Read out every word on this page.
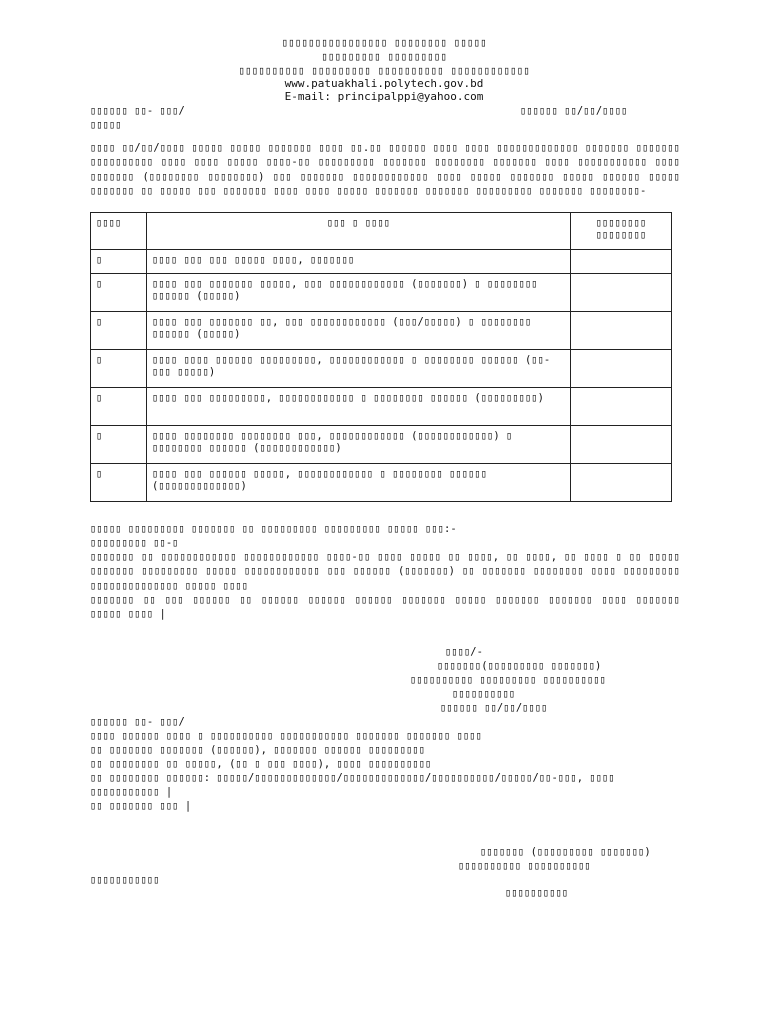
▯▯▯▯▯▯▯▯▯▯▯▯▯▯▯▯ ▯▯▯▯▯▯▯▯ ▯▯▯▯▯
▯▯▯▯▯▯▯▯▯ ▯▯▯▯▯▯▯▯▯
▯▯▯▯▯▯▯▯▯▯ ▯▯▯▯▯▯▯▯▯ ▯▯▯▯▯▯▯▯▯▯ ▯▯▯▯▯▯▯▯▯▯▯▯
www.patuakhali.polytech.gov.bd
E-mail: principalppi@yahoo.com
▯▯▯▯▯▯ ▯▯- ▯▯▯/	▯▯▯▯▯▯ ▯▯/▯▯/▯▯▯▯
▯▯▯▯▯
▯▯▯▯ ▯▯/▯▯/▯▯▯▯ ▯▯▯▯▯ ▯▯▯▯▯ ▯▯▯▯▯▯▯ ▯▯▯▯ ▯▯.▯▯ ▯▯▯▯▯▯ ▯▯▯▯ ▯▯▯▯ ▯▯▯▯▯▯▯▯▯▯▯▯▯ ▯▯▯▯▯▯▯ ▯▯▯▯▯▯▯ ▯▯▯▯▯▯▯▯▯▯ ▯▯▯▯ ▯▯▯▯ ▯▯▯▯▯ ▯▯▯▯-▯▯ ▯▯▯▯▯▯▯▯▯ ▯▯▯▯▯▯▯ ▯▯▯▯▯▯▯▯ ▯▯▯▯▯▯▯ ▯▯▯▯ ▯▯▯▯▯▯▯▯▯▯▯ ▯▯▯▯ ▯▯▯▯▯▯▯ (▯▯▯▯▯▯▯▯ ▯▯▯▯▯▯▯▯) ▯▯▯ ▯▯▯▯▯▯▯ ▯▯▯▯▯▯▯▯▯▯▯▯ ▯▯▯▯ ▯▯▯▯▯ ▯▯▯▯▯▯▯ ▯▯▯▯▯ ▯▯▯▯▯▯ ▯▯▯▯▯ ▯▯▯▯▯▯▯ ▯▯ ▯▯▯▯▯ ▯▯▯ ▯▯▯▯▯▯▯ ▯▯▯▯ ▯▯▯▯ ▯▯▯▯▯ ▯▯▯▯▯▯▯ ▯▯▯▯▯▯▯ ▯▯▯▯▯▯▯▯▯ ▯▯▯▯▯▯▯ ▯▯▯▯▯▯▯▯-
▯▯▯▯	▯▯▯ ▯ ▯▯▯▯	▯▯▯▯▯▯▯▯ ▯▯▯▯▯▯▯▯
▯	▯▯▯▯ ▯▯▯ ▯▯▯ ▯▯▯▯▯ ▯▯▯▯, ▯▯▯▯▯▯▯	
▯	▯▯▯▯ ▯▯▯ ▯▯▯▯▯▯▯ ▯▯▯▯▯, ▯▯▯ ▯▯▯▯▯▯▯▯▯▯▯▯ (▯▯▯▯▯▯▯) ▯ ▯▯▯▯▯▯▯▯ ▯▯▯▯▯▯ (▯▯▯▯▯)	
▯	▯▯▯▯ ▯▯▯ ▯▯▯▯▯▯▯ ▯▯, ▯▯▯ ▯▯▯▯▯▯▯▯▯▯▯▯ (▯▯▯/▯▯▯▯▯) ▯ ▯▯▯▯▯▯▯▯ ▯▯▯▯▯▯ (▯▯▯▯▯)	
▯	▯▯▯▯ ▯▯▯▯ ▯▯▯▯▯▯ ▯▯▯▯▯▯▯▯▯, ▯▯▯▯▯▯▯▯▯▯▯▯ ▯ ▯▯▯▯▯▯▯▯ ▯▯▯▯▯▯ (▯▯-▯▯▯ ▯▯▯▯▯)	
▯	▯▯▯▯ ▯▯▯ ▯▯▯▯▯▯▯▯▯, ▯▯▯▯▯▯▯▯▯▯▯▯ ▯ ▯▯▯▯▯▯▯▯ ▯▯▯▯▯▯ (▯▯▯▯▯▯▯▯▯)	
▯	▯▯▯▯ ▯▯▯▯▯▯▯▯ ▯▯▯▯▯▯▯▯ ▯▯▯, ▯▯▯▯▯▯▯▯▯▯▯▯ (▯▯▯▯▯▯▯▯▯▯▯▯) ▯ ▯▯▯▯▯▯▯▯ ▯▯▯▯▯▯ (▯▯▯▯▯▯▯▯▯▯▯▯)	
▯	▯▯▯▯ ▯▯▯ ▯▯▯▯▯▯ ▯▯▯▯▯, ▯▯▯▯▯▯▯▯▯▯▯▯ ▯ ▯▯▯▯▯▯▯▯ ▯▯▯▯▯▯ (▯▯▯▯▯▯▯▯▯▯▯▯▯)	
▯▯▯▯▯ ▯▯▯▯▯▯▯▯▯ ▯▯▯▯▯▯▯ ▯▯ ▯▯▯▯▯▯▯▯▯ ▯▯▯▯▯▯▯▯▯ ▯▯▯▯▯ ▯▯▯:-
▯▯▯▯▯▯▯▯▯ ▯▯-▯
▯▯▯▯▯▯▯ ▯▯ ▯▯▯▯▯▯▯▯▯▯▯▯ ▯▯▯▯▯▯▯▯▯▯▯▯ ▯▯▯▯-▯▯ ▯▯▯▯ ▯▯▯▯▯ ▯▯ ▯▯▯▯, ▯▯ ▯▯▯▯, ▯▯ ▯▯▯▯ ▯ ▯▯ ▯▯▯▯▯ ▯▯▯▯▯▯▯ ▯▯▯▯▯▯▯▯▯ ▯▯▯▯▯ ▯▯▯▯▯▯▯▯▯▯▯▯ ▯▯▯ ▯▯▯▯▯▯ (▯▯▯▯▯▯▯) ▯▯ ▯▯▯▯▯▯▯ ▯▯▯▯▯▯▯▯ ▯▯▯▯ ▯▯▯▯▯▯▯▯▯ ▯▯▯▯▯▯▯▯▯▯▯▯▯▯ ▯▯▯▯▯ ▯▯▯▯
▯▯▯▯▯▯▯ ▯▯ ▯▯▯ ▯▯▯▯▯▯ ▯▯ ▯▯▯▯▯▯ ▯▯▯▯▯▯ ▯▯▯▯▯▯ ▯▯▯▯▯▯▯ ▯▯▯▯▯ ▯▯▯▯▯▯▯ ▯▯▯▯▯▯▯ ▯▯▯▯ ▯▯▯▯▯▯▯ ▯▯▯▯▯ ▯▯▯▯ |
▯▯▯▯/-
▯▯▯▯▯▯▯(▯▯▯▯▯▯▯▯▯ ▯▯▯▯▯▯▯)
▯▯▯▯▯▯▯▯▯▯ ▯▯▯▯▯▯▯▯▯ ▯▯▯▯▯▯▯▯▯▯
▯▯▯▯▯▯▯▯▯▯
▯▯▯▯▯▯ ▯▯/▯▯/▯▯▯▯
▯▯▯▯▯▯ ▯▯- ▯▯▯/
▯▯▯▯ ▯▯▯▯▯▯ ▯▯▯▯ ▯ ▯▯▯▯▯▯▯▯▯▯ ▯▯▯▯▯▯▯▯▯▯▯ ▯▯▯▯▯▯▯ ▯▯▯▯▯▯▯ ▯▯▯▯
▯▯ ▯▯▯▯▯▯▯ ▯▯▯▯▯▯▯ (▯▯▯▯▯▯), ▯▯▯▯▯▯▯ ▯▯▯▯▯▯ ▯▯▯▯▯▯▯▯▯
▯▯ ▯▯▯▯▯▯▯▯ ▯▯ ▯▯▯▯▯, (▯▯ ▯ ▯▯▯ ▯▯▯▯), ▯▯▯▯ ▯▯▯▯▯▯▯▯▯▯
▯▯ ▯▯▯▯▯▯▯▯ ▯▯▯▯▯▯: ▯▯▯▯▯/▯▯▯▯▯▯▯▯▯▯▯▯▯/▯▯▯▯▯▯▯▯▯▯▯▯▯/▯▯▯▯▯▯▯▯▯▯/▯▯▯▯▯/▯▯-▯▯▯, ▯▯▯▯
▯▯▯▯▯▯▯▯▯▯▯ |
▯▯ ▯▯▯▯▯▯▯ ▯▯▯ |
▯▯▯▯▯▯▯ (▯▯▯▯▯▯▯▯▯ ▯▯▯▯▯▯▯)
▯▯▯▯▯▯▯▯▯▯ ▯▯▯▯▯▯▯▯▯▯
▯▯▯▯▯▯▯▯▯▯▯
▯▯▯▯▯▯▯▯▯▯
